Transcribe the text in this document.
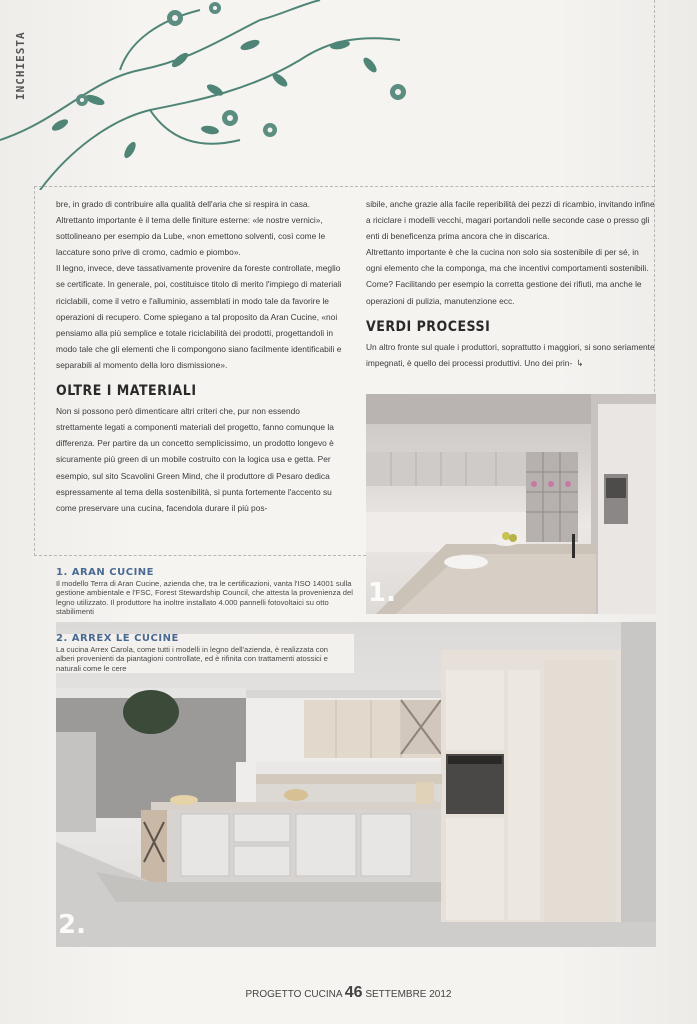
INCHIESTA

bre, in grado di contribuire alla qualità dell'aria che si respira in casa.

Altrettanto importante è il tema delle finiture esterne: «le nostre vernici», sottolineano per esempio da Lube, «non emettono solventi, così come le laccature sono prive di cromo, cadmio e piombo».

Il legno, invece, deve tassativamente provenire da foreste controllate, meglio se certificate. In generale, poi, costituisce titolo di merito l'impiego di materiali riciclabili, come il vetro e l'alluminio, assemblati in modo tale da favorire le operazioni di recupero. Come spiegano a tal proposito da Aran Cucine, «noi pensiamo alla più semplice e totale riciclabilità dei prodotti, progettandoli in modo tale che gli elementi che li compongono siano facilmente identificabili e separabili al momento della loro dismissione».

OLTRE I MATERIALI

Non si possono però dimenticare altri criteri che, pur non essendo strettamente legati a componenti materiali del progetto, fanno comunque la differenza. Per partire da un concetto semplicissimo, un prodotto longevo è sicuramente più green di un mobile costruito con la logica usa e getta. Per esempio, sul sito Scavolini Green Mind, che il produttore di Pesaro dedica espressamente al tema della sostenibilità, si punta fortemente l'accento su come preservare una cucina, facendola durare il più pos-

sibile, anche grazie alla facile reperibilità dei pezzi di ricambio, invitando infine a riciclare i modelli vecchi, magari portandoli nelle seconde case o presso gli enti di beneficenza prima ancora che in discarica.

Altrettanto importante è che la cucina non solo sia sostenibile di per sé, in ogni elemento che la componga, ma che incentivi comportamenti sostenibili. Come? Facilitando per esempio la corretta gestione dei rifiuti, ma anche le operazioni di pulizia, manutenzione ecc.

VERDI PROCESSI

Un altro fronte sul quale i produttori, soprattutto i maggiori, si sono seriamente impegnati, è quello dei processi produttivi. Uno dei prin- ↳

1.
1. ARAN CUCINE
Il modello Terra di Aran Cucine, azienda che, tra le certificazioni, vanta l'ISO 14001 sulla gestione ambientale e l'FSC, Forest Stewardship Council, che attesta la provenienza del legno utilizzato. Il produttore ha inoltre installato 4.000 pannelli fotovoltaici su otto stabilimenti
2.
2. ARREX LE CUCINE
La cucina Arrex Carola, come tutti i modelli in legno dell'azienda, è realizzata con alberi provenienti da piantagioni controllate, ed è rifinita con trattamenti atossici e naturali come le cere
PROGETTO CUCINA 46 SETTEMBRE 2012
